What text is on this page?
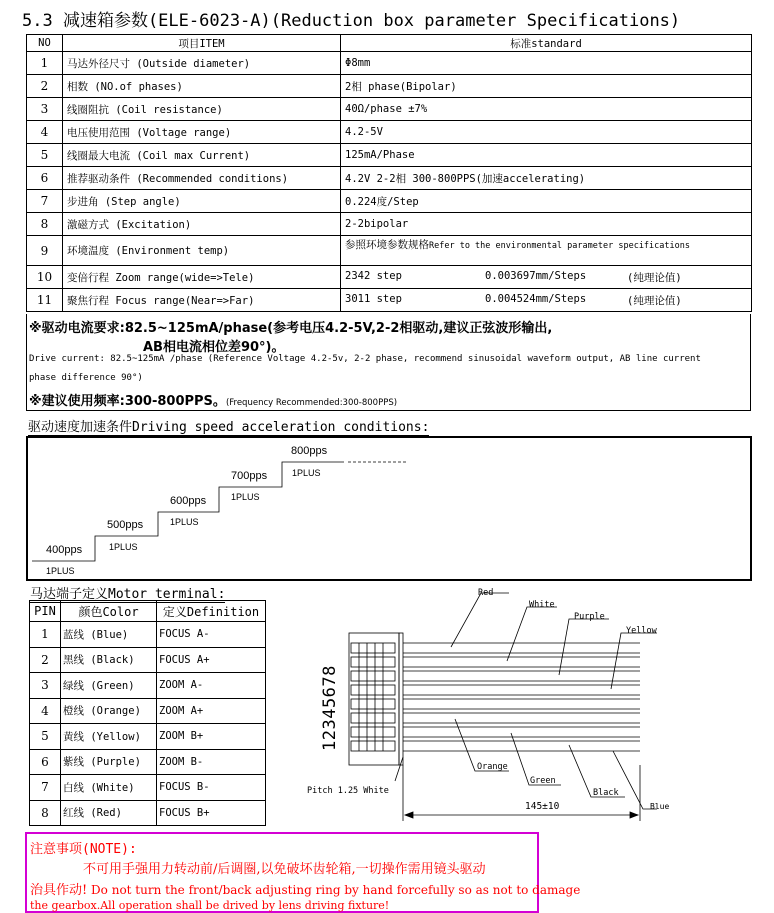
5.3 减速箱参数(ELE-6023-A)(Reduction box parameter Specifications)
NO	项目ITEM	标准standard
1	马达外径尺寸 (Outside diameter)	Φ8mm
2	相数 (NO.of phases)	2相 phase(Bipolar)
3	线圈阻抗 (Coil resistance)	40Ω/phase ±7%
4	电压使用范围 (Voltage range)	4.2-5V
5	线圈最大电流 (Coil max Current)	125mA/Phase
6	推荐驱动条件 (Recommended conditions)	4.2V 2-2相 300-800PPS(加速accelerating)
7	步进角 (Step angle)	0.224度/Step
8	激磁方式 (Excitation)	2-2bipolar
9	环境温度 (Environment temp)	参照环境参数规格Refer to the environmental parameter specifications
10	变倍行程 Zoom range(wide=>Tele)	2342 step 0.003697mm/Steps (纯理论值)

11	聚焦行程 Focus range(Near=>Far)	3011 step 0.004524mm/Steps (纯理论值)
※驱动电流要求:82.5~125mA/phase(参考电压4.2-5V,2-2相驱动,建议正弦波形输出,
AB相电流相位差90°)。
Drive current: 82.5~125mA /phase (Reference Voltage 4.2-5v, 2-2 phase, recommend sinusoidal waveform output, AB line current
phase difference 90°)
※建议使用频率:300-800PPS。(Frequency Recommended:300-800PPS)
驱动速度加速条件Driving speed acceleration conditions:
400pps
1PLUS
500pps
1PLUS
600pps
1PLUS
700pps
1PLUS
800pps
1PLUS
马达端子定义Motor terminal:
PIN	颜色Color	定义Definition
1	蓝线 (Blue)	FOCUS A-
2	黑线 (Black)	FOCUS A+
3	绿线 (Green)	ZOOM A-
4	橙线 (Orange)	ZOOM A+
5	黄线 (Yellow)	ZOOM B+
6	紫线 (Purple)	ZOOM B-
7	白线 (White)	FOCUS B-
8	红线 (Red)	FOCUS B+
Red
White
Purple
Yellow
Orange
Green
Black
Blue
Pitch 1.25 White
145±10
12345678
注意事项(NOTE):
不可用手强用力转动前/后调圈,以免破坏齿轮箱,一切操作需用镜头驱动
治具作动! Do not turn the front/back adjusting ring by hand forcefully so as not to damage
the gearbox.All operation shall be drived by lens driving fixture!
